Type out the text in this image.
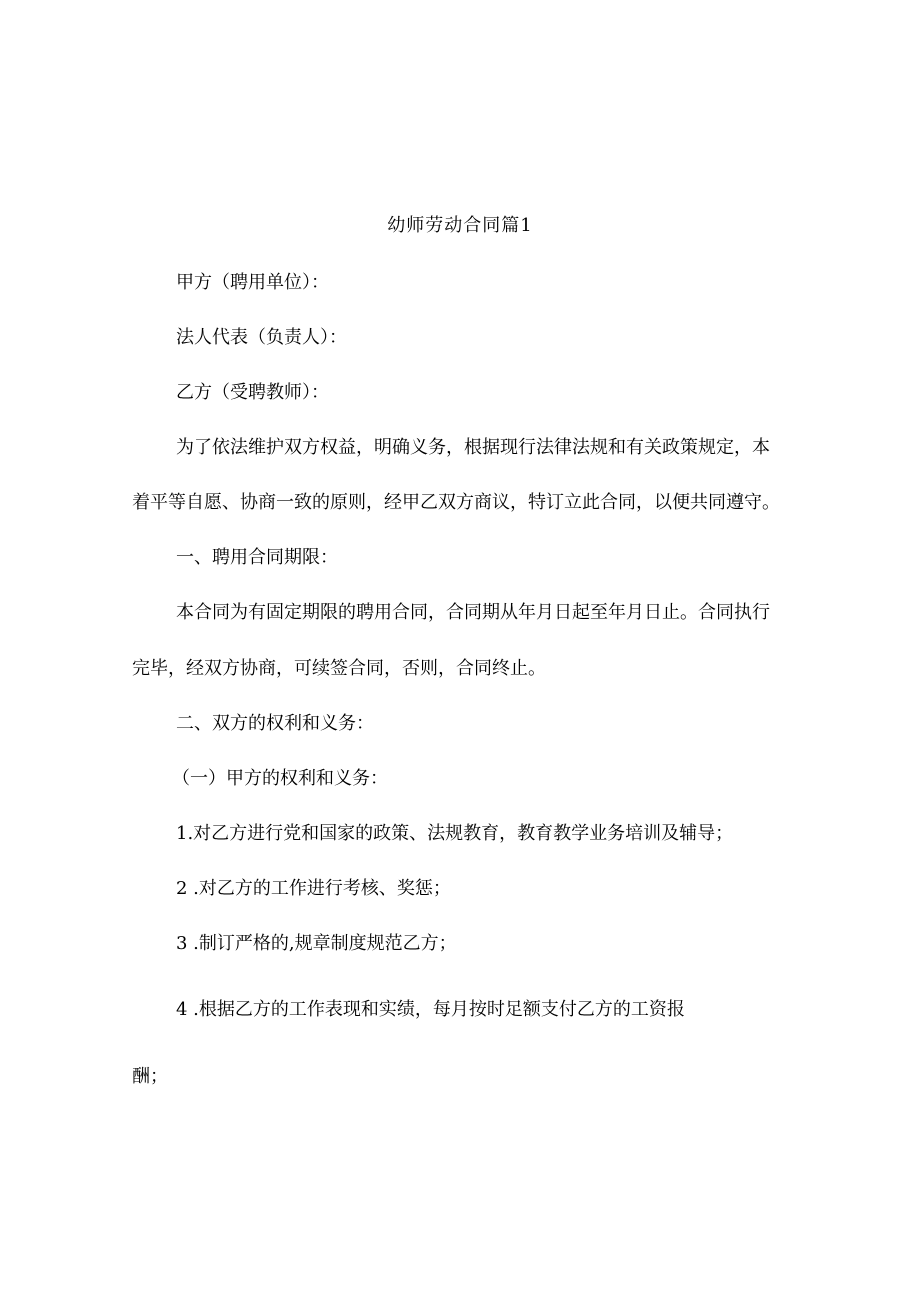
幼师劳动合同篇1
甲方（聘用单位）：
法人代表（负责人）：
乙方（受聘教师）：
为了依法维护双方权益，明确义务，根据现行法律法规和有关政策规定，本
着平等自愿、协商一致的原则，经甲乙双方商议，特订立此合同，以便共同遵守。
一、聘用合同期限：
本合同为有固定期限的聘用合同，合同期从年月日起至年月日止。合同执行
完毕，经双方协商，可续签合同，否则，合同终止。
二、双方的权利和义务：
（一）甲方的权利和义务：
1.对乙方进行党和国家的政策、法规教育，教育教学业务培训及辅导；
2 .对乙方的工作进行考核、奖惩；
3 .制订严格的,规章制度规范乙方；
4 .根据乙方的工作表现和实绩，每月按时足额支付乙方的工资报
酬；
